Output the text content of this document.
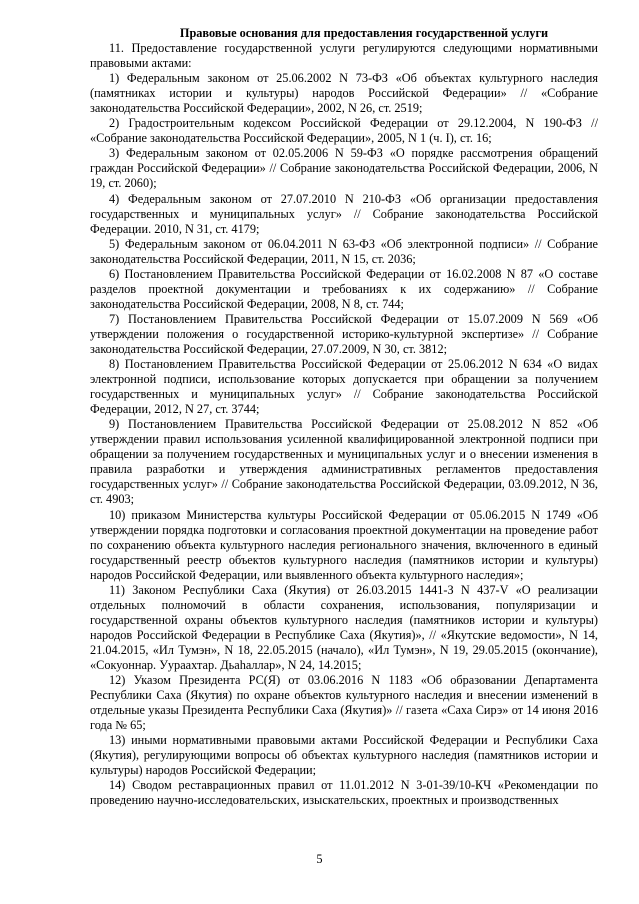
Правовые основания для предоставления государственной услуги

11. Предоставление государственной услуги регулируются следующими нормативными правовыми актами:

1) Федеральным законом от 25.06.2002 N 73-ФЗ «Об объектах культурного наследия (памятниках истории и культуры) народов Российской Федерации» // «Собрание законодательства Российской Федерации», 2002, N 26, ст. 2519;

2) Градостроительным кодексом Российской Федерации от 29.12.2004, N 190-ФЗ // «Собрание законодательства Российской Федерации», 2005, N 1 (ч. I), ст. 16;

3) Федеральным законом от 02.05.2006 N 59-ФЗ «О порядке рассмотрения обращений граждан Российской Федерации» // Собрание законодательства Российской Федерации, 2006, N 19, ст. 2060);

4) Федеральным законом от 27.07.2010 N 210-ФЗ «Об организации предоставления государственных и муниципальных услуг» // Собрание законодательства Российской Федерации. 2010, N 31, ст. 4179;

5) Федеральным законом от 06.04.2011 N 63-ФЗ «Об электронной подписи» // Собрание законодательства Российской Федерации, 2011, N 15, ст. 2036;

6) Постановлением Правительства Российской Федерации от 16.02.2008 N 87 «О составе разделов проектной документации и требованиях к их содержанию» // Собрание законодательства Российской Федерации, 2008, N 8, ст. 744;

7) Постановлением Правительства Российской Федерации от 15.07.2009 N 569 «Об утверждении положения о государственной историко-культурной экспертизе» // Собрание законодательства Российской Федерации, 27.07.2009, N 30, ст. 3812;

8) Постановлением Правительства Российской Федерации от 25.06.2012 N 634 «О видах электронной подписи, использование которых допускается при обращении за получением государственных и муниципальных услуг» // Собрание законодательства Российской Федерации, 2012, N 27, ст. 3744;

9) Постановлением Правительства Российской Федерации от 25.08.2012 N 852 «Об утверждении правил использования усиленной квалифицированной электронной подписи при обращении за получением государственных и муниципальных услуг и о внесении изменения в правила разработки и утверждения административных регламентов предоставления государственных услуг» // Собрание законодательства Российской Федерации, 03.09.2012, N 36, ст. 4903;

10) приказом Министерства культуры Российской Федерации от 05.06.2015 N 1749 «Об утверждении порядка подготовки и согласования проектной документации на проведение работ по сохранению объекта культурного наследия регионального значения, включенного в единый государственный реестр объектов культурного наследия (памятников истории и культуры) народов Российской Федерации, или выявленного объекта культурного наследия»;

11) Законом Республики Саха (Якутия) от 26.03.2015 1441-З N 437-V «О реализации отдельных полномочий в области сохранения, использования, популяризации и государственной охраны объектов культурного наследия (памятников истории и культуры) народов Российской Федерации в Республике Саха (Якутия)», // «Якутские ведомости», N 14, 21.04.2015, «Ил Тумэн», N 18, 22.05.2015 (начало), «Ил Тумэн», N 19, 29.05.2015 (окончание), «Сокуоннар. Уураахтар. Дьаһаллар», N 24, 14.2015;

12) Указом Президента РС(Я) от 03.06.2016 N 1183 «Об образовании Департамента Республики Саха (Якутия) по охране объектов культурного наследия и внесении изменений в отдельные указы Президента Республики Саха (Якутия)» // газета «Саха Сирэ» от 14 июня 2016 года № 65;

13) иными нормативными правовыми актами Российской Федерации и Республики Саха (Якутия), регулирующими вопросы об объектах культурного наследия (памятников истории и культуры) народов Российской Федерации;

14) Сводом реставрационных правил от 11.01.2012 N 3-01-39/10-КЧ «Рекомендации по проведению научно-исследовательских, изыскательских, проектных и производственных

5
